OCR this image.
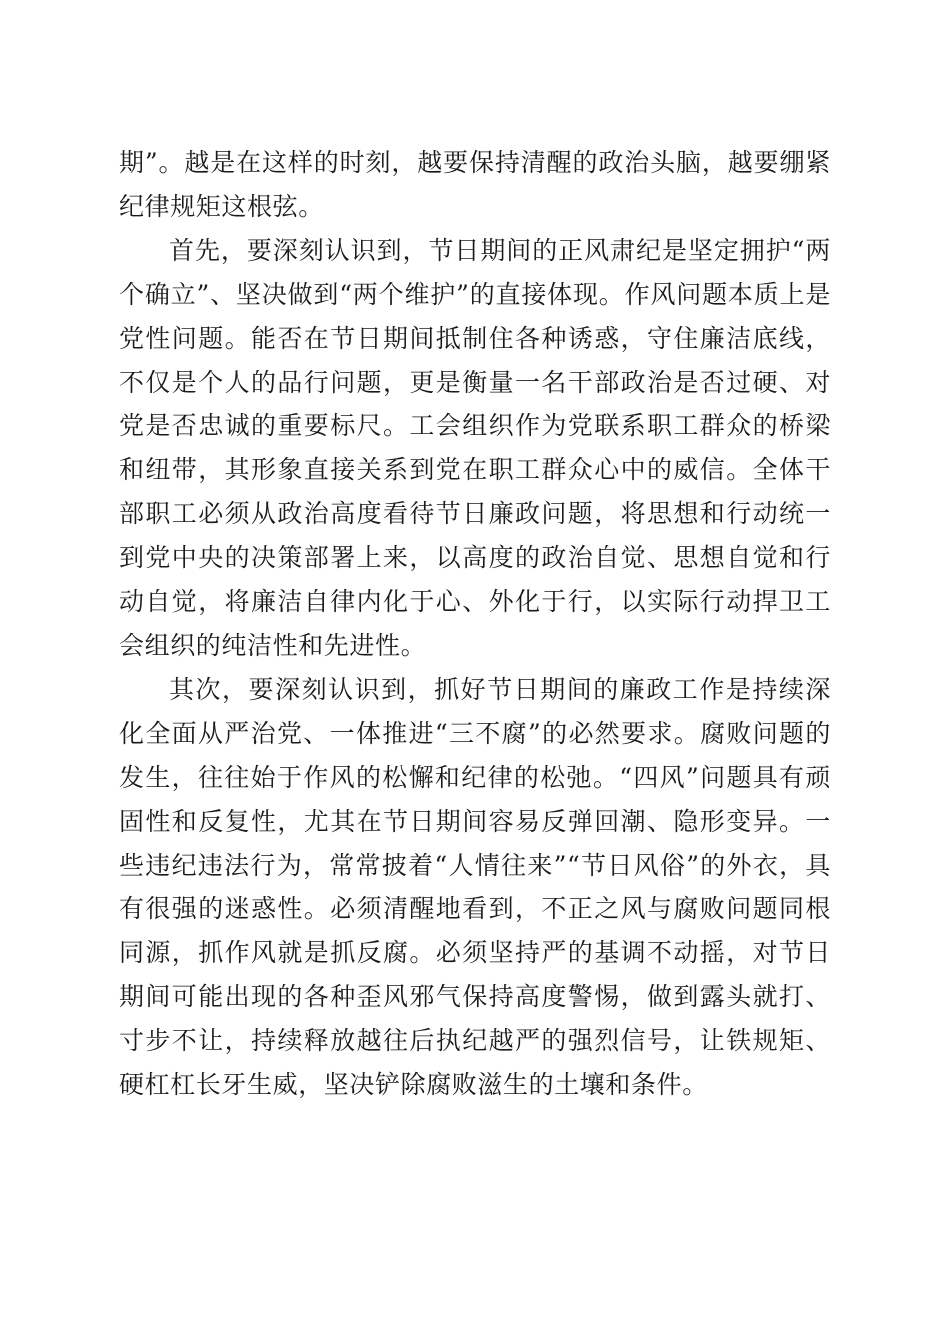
期”。越是在这样的时刻，越要保持清醒的政治头脑，越要绷紧纪律规矩这根弦。

首先，要深刻认识到，节日期间的正风肃纪是坚定拥护“两个确立”、坚决做到“两个维护”的直接体现。作风问题本质上是党性问题。能否在节日期间抵制住各种诱惑，守住廉洁底线，不仅是个人的品行问题，更是衡量一名干部政治是否过硬、对党是否忠诚的重要标尺。工会组织作为党联系职工群众的桥梁和纽带，其形象直接关系到党在职工群众心中的威信。全体干部职工必须从政治高度看待节日廉政问题，将思想和行动统一到党中央的决策部署上来，以高度的政治自觉、思想自觉和行动自觉，将廉洁自律内化于心、外化于行，以实际行动捍卫工会组织的纯洁性和先进性。

其次，要深刻认识到，抓好节日期间的廉政工作是持续深化全面从严治党、一体推进“三不腐”的必然要求。腐败问题的发生，往往始于作风的松懈和纪律的松弛。“四风”问题具有顽固性和反复性，尤其在节日期间容易反弹回潮、隐形变异。一些违纪违法行为，常常披着“人情往来”“节日风俗”的外衣，具有很强的迷惑性。必须清醒地看到，不正之风与腐败问题同根同源，抓作风就是抓反腐。必须坚持严的基调不动摇，对节日期间可能出现的各种歪风邪气保持高度警惕，做到露头就打、寸步不让，持续释放越往后执纪越严的强烈信号，让铁规矩、硬杠杠长牙生威，坚决铲除腐败滋生的土壤和条件。
